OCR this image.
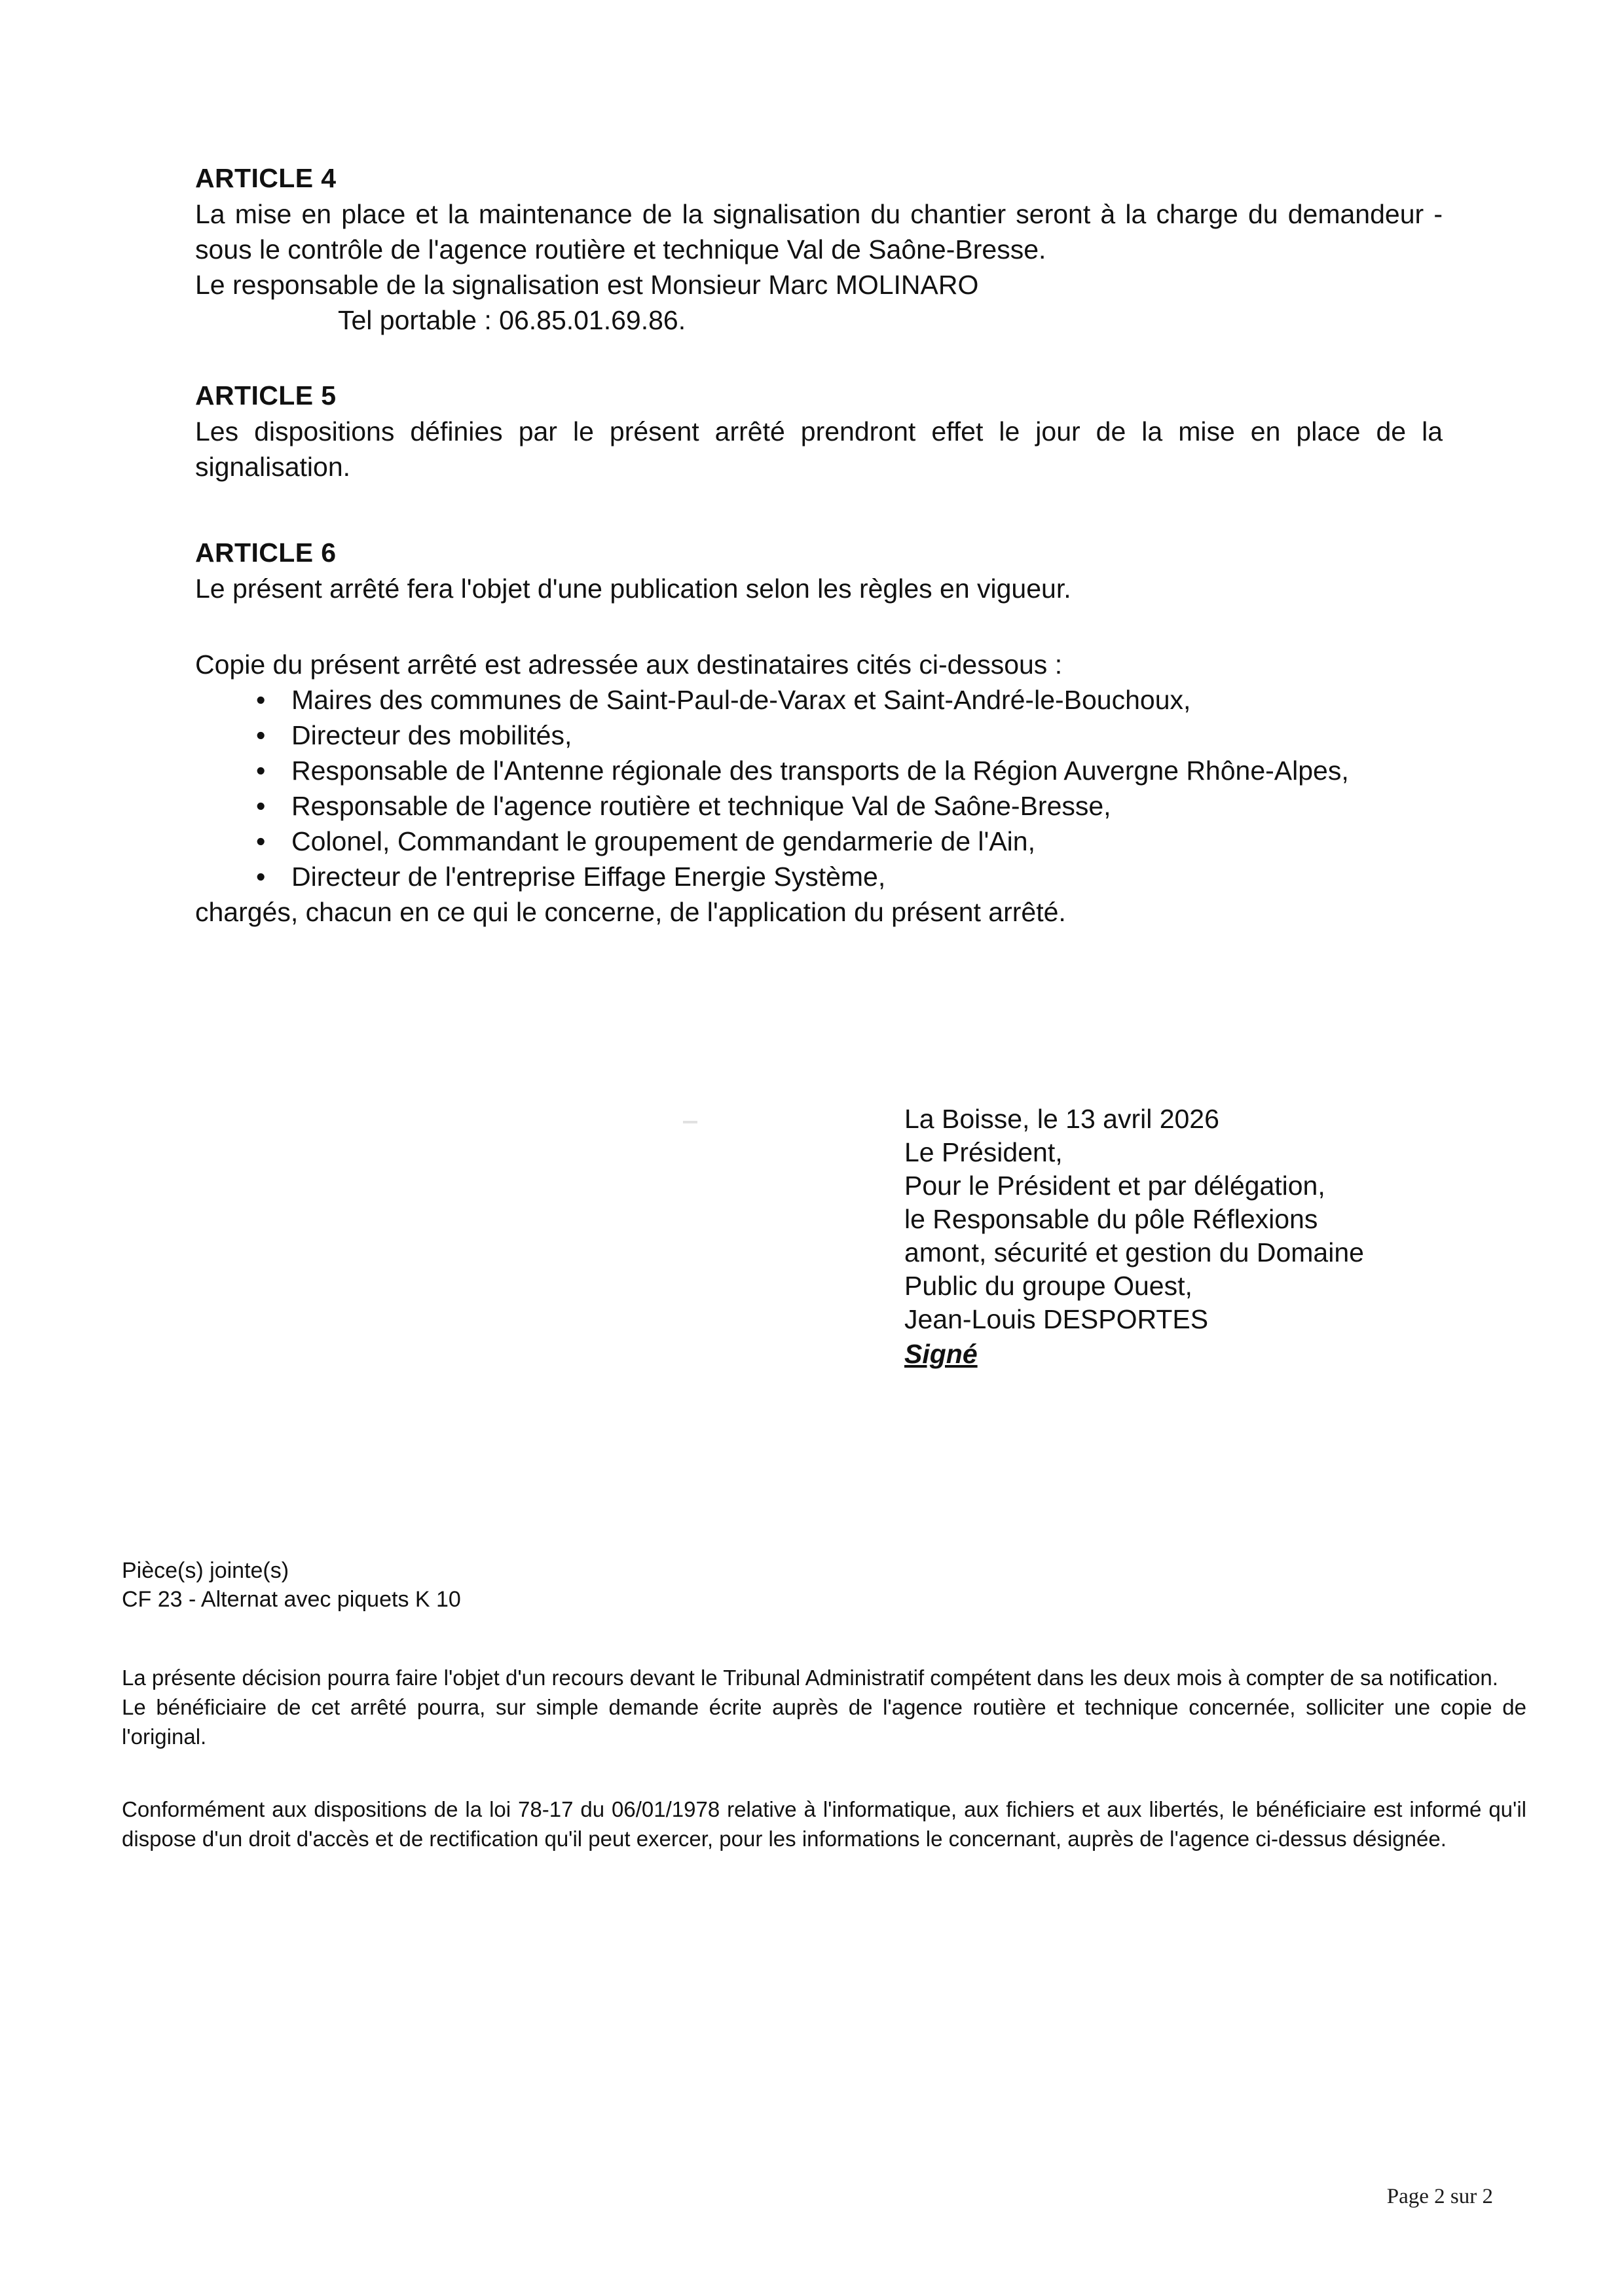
ARTICLE 4

La mise en place et la maintenance de la signalisation du chantier seront à la charge du demandeur - sous le contrôle de l'agence routière et technique Val de Saône-Bresse.

Le responsable de la signalisation est Monsieur Marc MOLINARO

Tel portable : 06.85.01.69.86.

ARTICLE 5

Les dispositions définies par le présent arrêté prendront effet le jour de la mise en place de la signalisation.

ARTICLE 6

Le présent arrêté fera l'objet d'une publication selon les règles en vigueur.

Copie du présent arrêté est adressée aux destinataires cités ci-dessous :

• Maires des communes de Saint-Paul-de-Varax et Saint-André-le-Bouchoux,
• Directeur des mobilités,
• Responsable de l'Antenne régionale des transports de la Région Auvergne Rhône-Alpes,
• Responsable de l'agence routière et technique Val de Saône-Bresse,
• Colonel, Commandant le groupement de gendarmerie de l'Ain,
• Directeur de l'entreprise Eiffage Energie Système,

chargés, chacun en ce qui le concerne, de l'application du présent arrêté.

La Boisse, le 13 avril 2026

Le Président,

Pour le Président et par délégation,

le Responsable du pôle Réflexions

amont, sécurité et gestion du Domaine

Public du groupe Ouest,

Jean-Louis DESPORTES

Signé

Pièce(s) jointe(s)

CF 23 - Alternat avec piquets K 10

La présente décision pourra faire l'objet d'un recours devant le Tribunal Administratif compétent dans les deux mois à compter de sa notification.

Le bénéficiaire de cet arrêté pourra, sur simple demande écrite auprès de l'agence routière et technique concernée, solliciter une copie de l'original.

Conformément aux dispositions de la loi 78-17 du 06/01/1978 relative à l'informatique, aux fichiers et aux libertés, le bénéficiaire est informé qu'il dispose d'un droit d'accès et de rectification qu'il peut exercer, pour les informations le concernant, auprès de l'agence ci-dessus désignée.

Page 2 sur 2
